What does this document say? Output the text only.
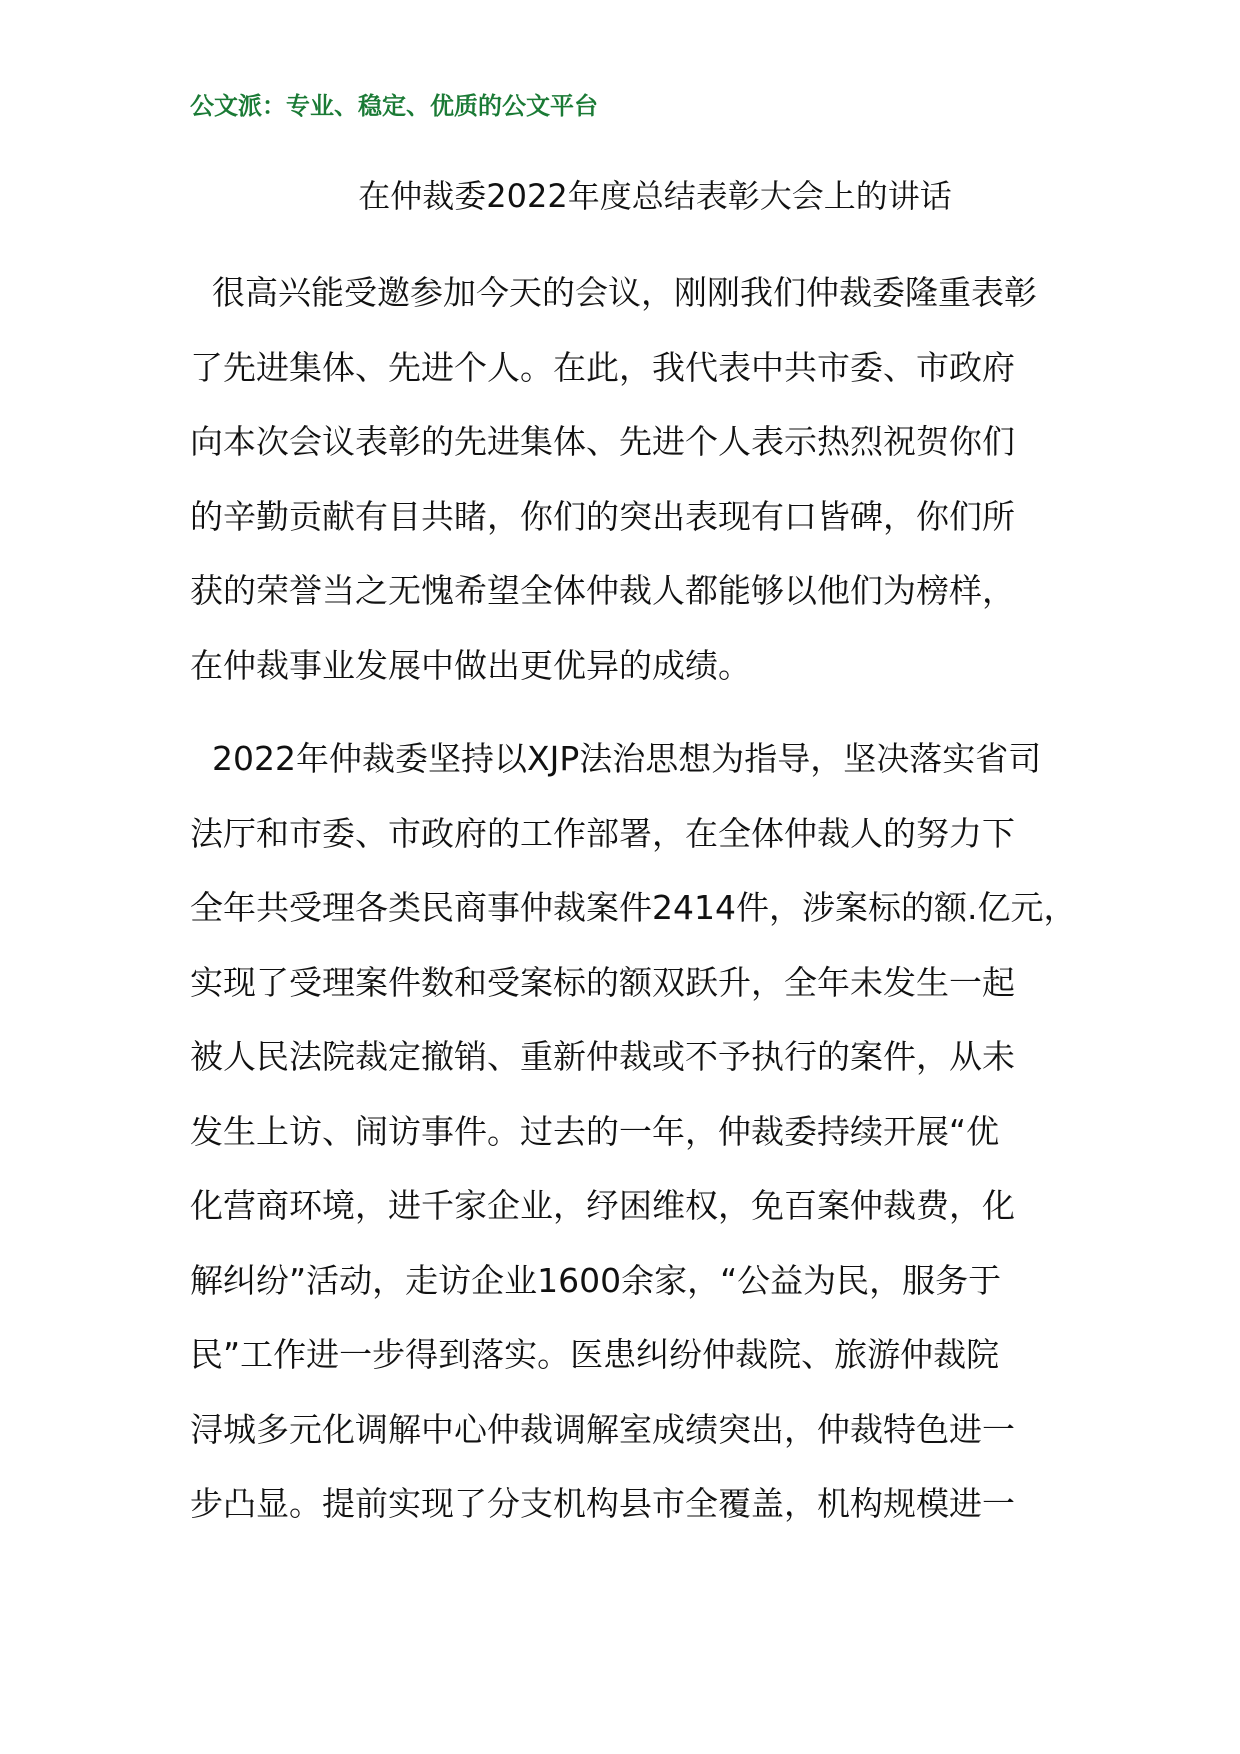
公文派：专业、稳定、优质的公文平台
在仲裁委2022年度总结表彰大会上的讲话
很高兴能受邀参加今天的会议，刚刚我们仲裁委隆重表彰
了先进集体、先进个人。在此，我代表中共市委、市政府
向本次会议表彰的先进集体、先进个人表示热烈祝贺你们
的辛勤贡献有目共睹，你们的突出表现有口皆碑，你们所
获的荣誉当之无愧希望全体仲裁人都能够以他们为榜样，
在仲裁事业发展中做出更优异的成绩。
2022年仲裁委坚持以XJP法治思想为指导，坚决落实省司
法厅和市委、市政府的工作部署，在全体仲裁人的努力下
全年共受理各类民商事仲裁案件2414件，涉案标的额.亿元，
实现了受理案件数和受案标的额双跃升，全年未发生一起
被人民法院裁定撤销、重新仲裁或不予执行的案件，从未
发生上访、闹访事件。过去的一年，仲裁委持续开展“优
化营商环境，进千家企业，纾困维权，免百案仲裁费，化
解纠纷”活动，走访企业1600余家，“公益为民，服务于
民”工作进一步得到落实。医患纠纷仲裁院、旅游仲裁院
浔城多元化调解中心仲裁调解室成绩突出，仲裁特色进一
步凸显。提前实现了分支机构县市全覆盖，机构规模进一
